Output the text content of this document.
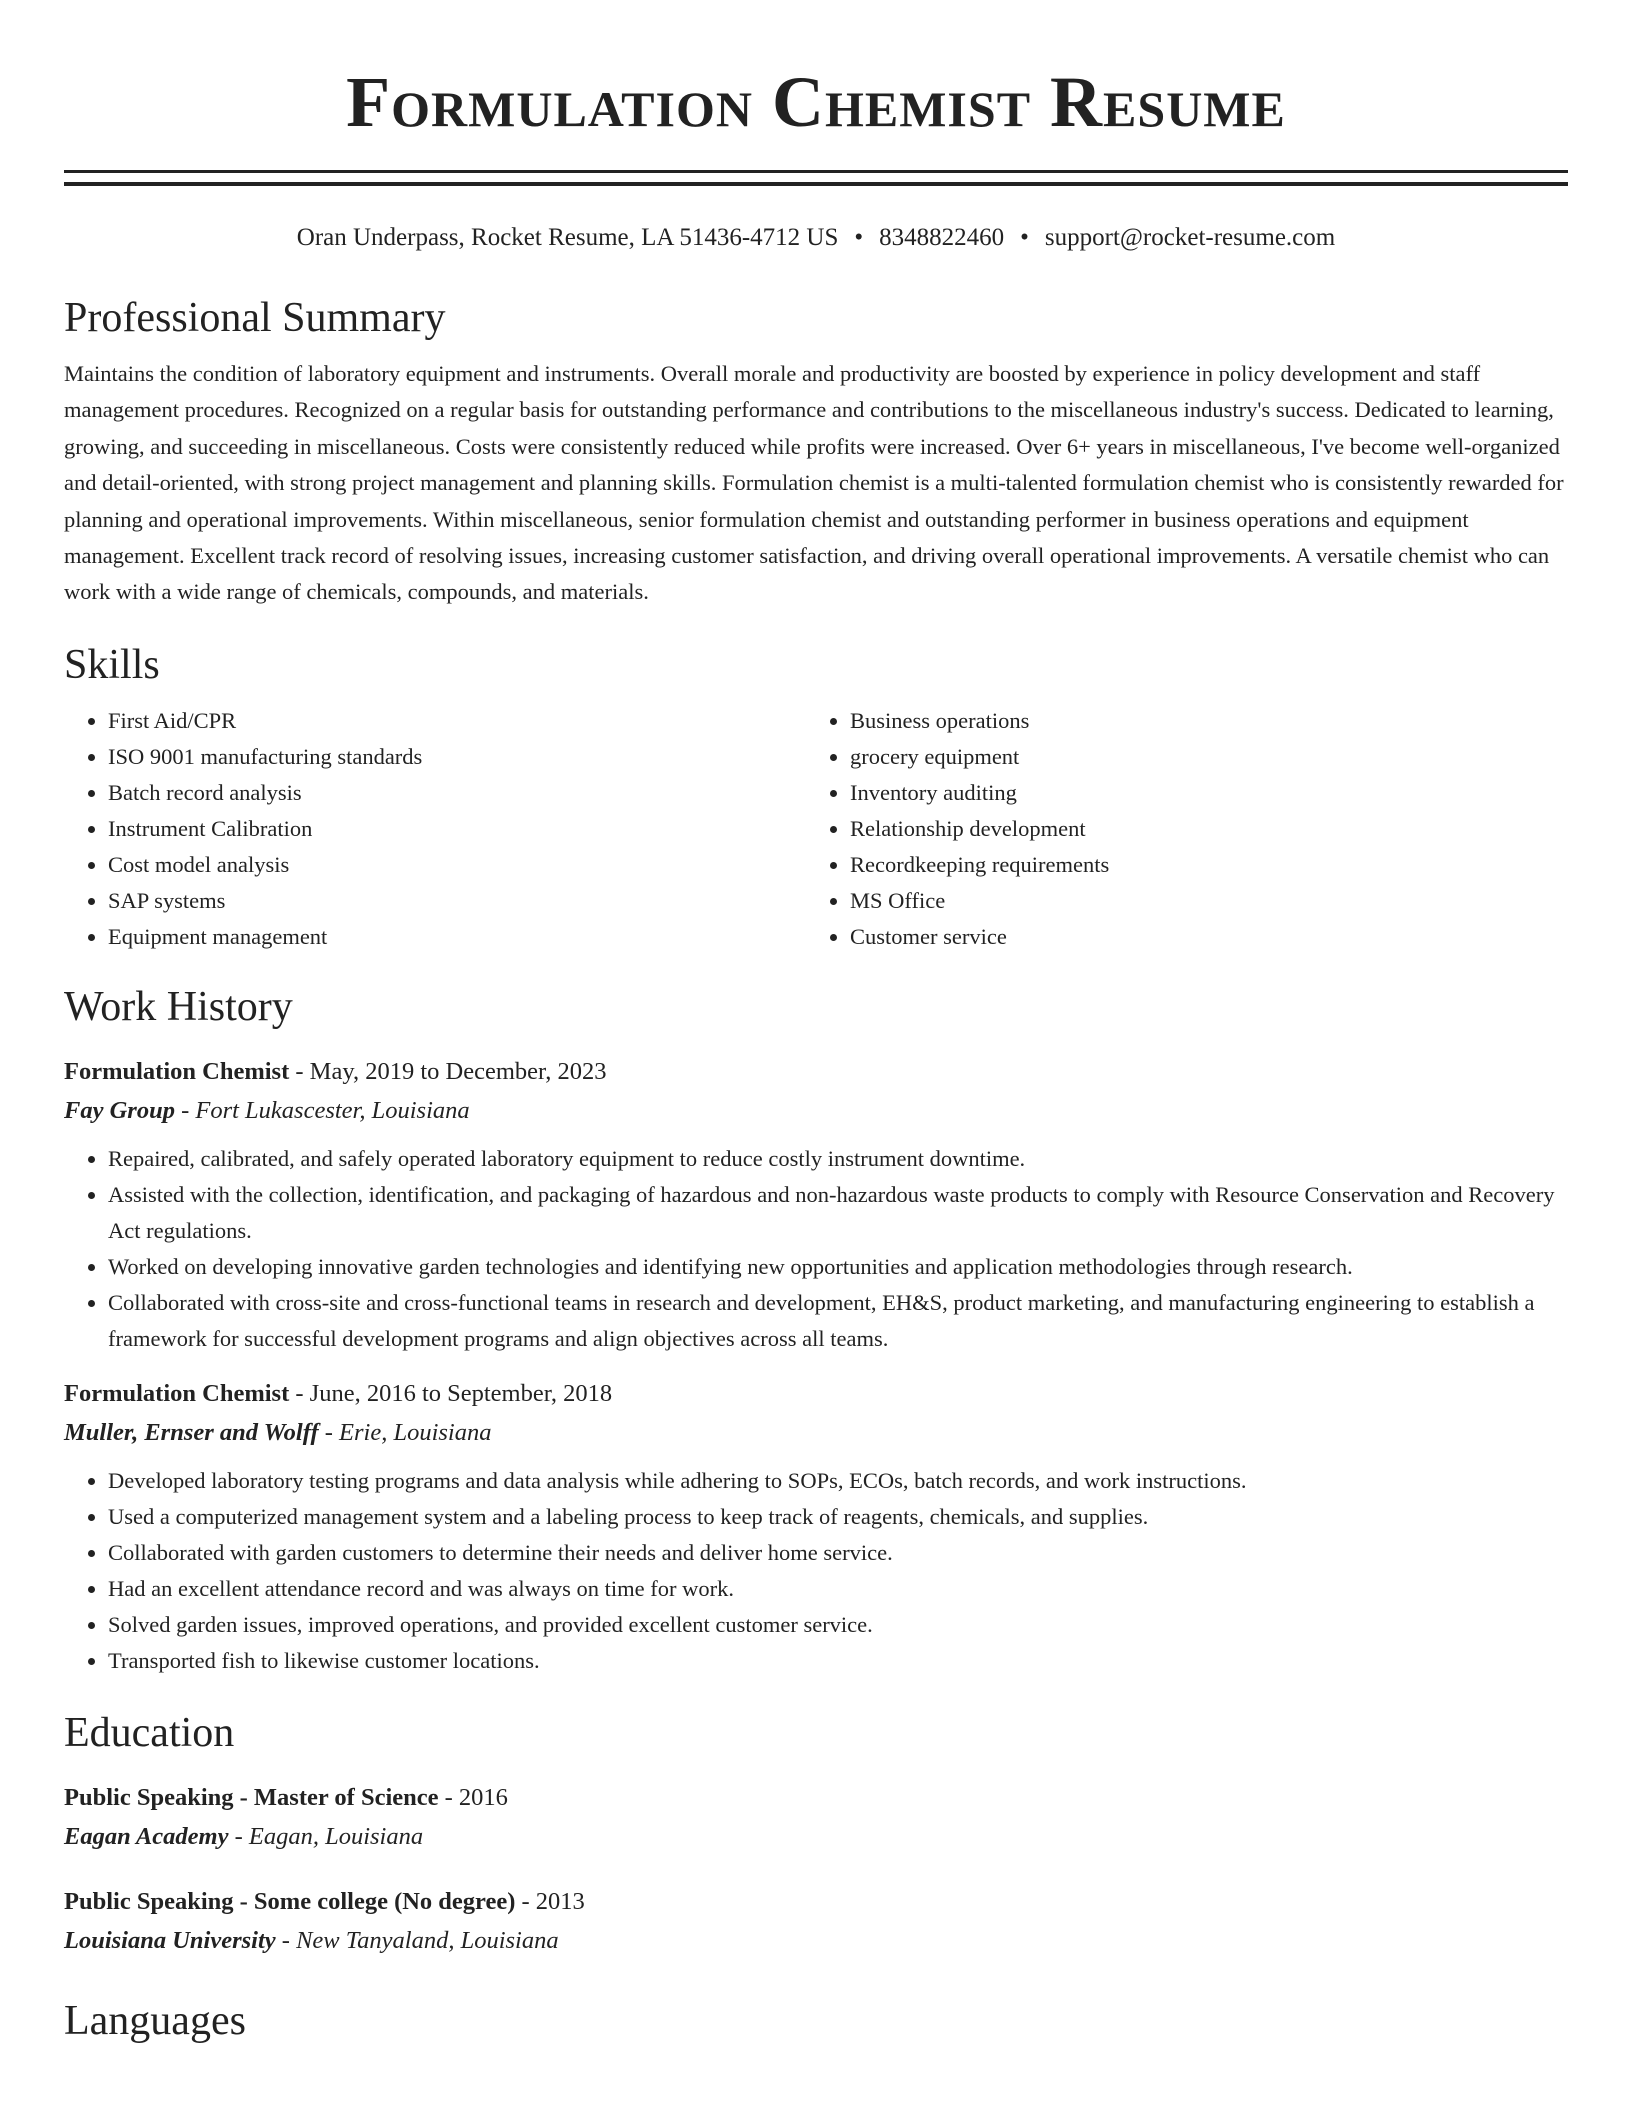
Formulation Chemist Resume
Oran Underpass, Rocket Resume, LA 51436-4712 US • 8348822460 • support@rocket-resume.com
Professional Summary
Maintains the condition of laboratory equipment and instruments. Overall morale and productivity are boosted by experience in policy development and staff management procedures. Recognized on a regular basis for outstanding performance and contributions to the miscellaneous industry's success. Dedicated to learning, growing, and succeeding in miscellaneous. Costs were consistently reduced while profits were increased. Over 6+ years in miscellaneous, I've become well-organized and detail-oriented, with strong project management and planning skills. Formulation chemist is a multi-talented formulation chemist who is consistently rewarded for planning and operational improvements. Within miscellaneous, senior formulation chemist and outstanding performer in business operations and equipment management. Excellent track record of resolving issues, increasing customer satisfaction, and driving overall operational improvements. A versatile chemist who can work with a wide range of chemicals, compounds, and materials.
Skills
• First Aid/CPR
• ISO 9001 manufacturing standards
• Batch record analysis
• Instrument Calibration
• Cost model analysis
• SAP systems
• Equipment management
• Business operations
• grocery equipment
• Inventory auditing
• Relationship development
• Recordkeeping requirements
• MS Office
• Customer service
Work History
Formulation Chemist - May, 2019 to December, 2023
Fay Group - Fort Lukascester, Louisiana
• Repaired, calibrated, and safely operated laboratory equipment to reduce costly instrument downtime.
• Assisted with the collection, identification, and packaging of hazardous and non-hazardous waste products to comply with Resource Conservation and Recovery Act regulations.
• Worked on developing innovative garden technologies and identifying new opportunities and application methodologies through research.
• Collaborated with cross-site and cross-functional teams in research and development, EH&S, product marketing, and manufacturing engineering to establish a framework for successful development programs and align objectives across all teams.
Formulation Chemist - June, 2016 to September, 2018
Muller, Ernser and Wolff - Erie, Louisiana
• Developed laboratory testing programs and data analysis while adhering to SOPs, ECOs, batch records, and work instructions.
• Used a computerized management system and a labeling process to keep track of reagents, chemicals, and supplies.
• Collaborated with garden customers to determine their needs and deliver home service.
• Had an excellent attendance record and was always on time for work.
• Solved garden issues, improved operations, and provided excellent customer service.
• Transported fish to likewise customer locations.
Education
Public Speaking - Master of Science - 2016
Eagan Academy - Eagan, Louisiana
Public Speaking - Some college (No degree) - 2013
Louisiana University - New Tanyaland, Louisiana
Languages
